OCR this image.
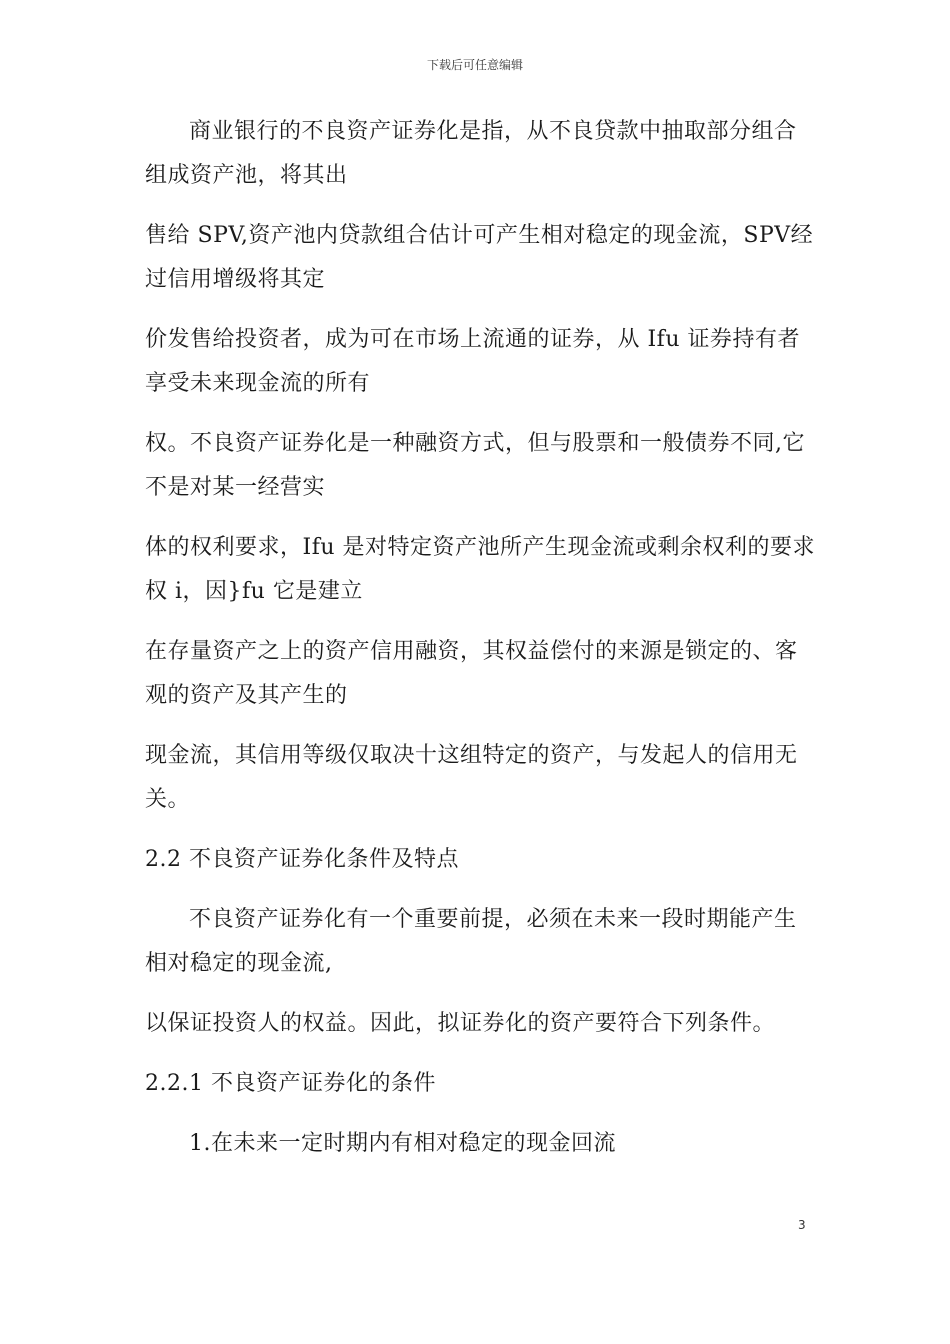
下载后可任意编辑

商业银行的不良资产证券化是指，从不良贷款中抽取部分组合组成资产池，将其出

售给 SPV,资产池内贷款组合估计可产生相对稳定的现金流，SPV经过信用增级将其定

价发售给投资者，成为可在市场上流通的证券，从 Ifu 证券持有者享受未来现金流的所有

权。不良资产证券化是一种融资方式，但与股票和一般债券不同,它不是对某一经营实

体的权利要求，Ifu 是对特定资产池所产生现金流或剩余权利的要求权 i，因}fu 它是建立

在存量资产之上的资产信用融资，其权益偿付的来源是锁定的、客观的资产及其产生的

现金流，其信用等级仅取决十这组特定的资产，与发起人的信用无关。

2.2 不良资产证券化条件及特点

不良资产证券化有一个重要前提，必须在未来一段时期能产生相对稳定的现金流,

以保证投资人的权益。因此，拟证券化的资产要符合下列条件。

2.2.1 不良资产证券化的条件

1.在未来一定时期内有相对稳定的现金回流

3
